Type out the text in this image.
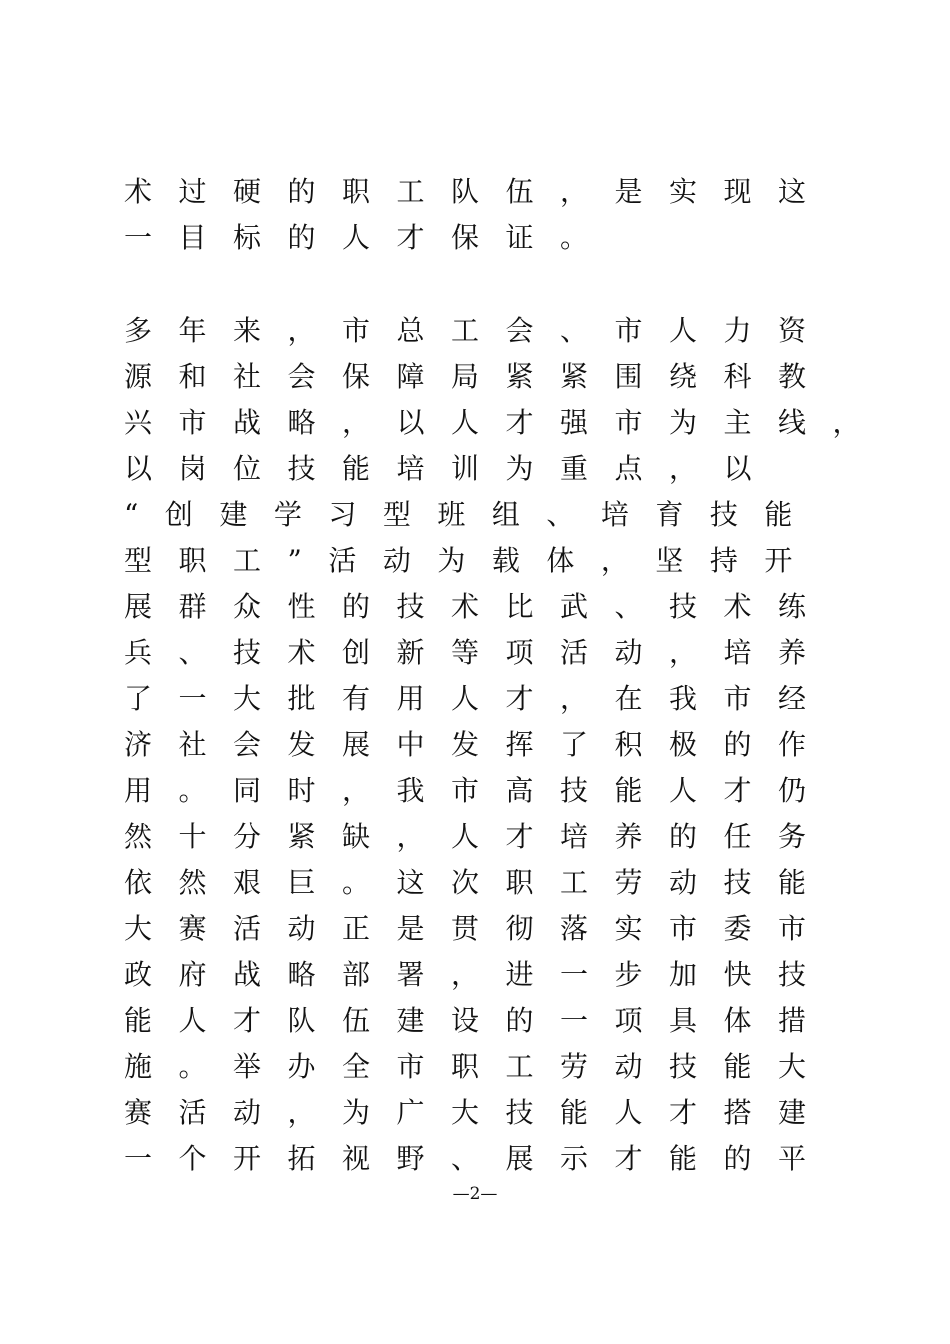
术过硬的职工队伍，是实现这
一目标的人才保证。
多年来，市总工会、市人力资
源和社会保障局紧紧围绕科教
兴市战略，以人才强市为主线，
以岗位技能培训为重点，以
“创建学习型班组、培育技能
型职工”活动为载体，坚持开
展群众性的技术比武、技术练
兵、技术创新等项活动，培养
了一大批有用人才，在我市经
济社会发展中发挥了积极的作
用。同时，我市高技能人才仍
然十分紧缺，人才培养的任务
依然艰巨。这次职工劳动技能
大赛活动正是贯彻落实市委市
政府战略部署，进一步加快技
能人才队伍建设的一项具体措
施。举办全市职工劳动技能大
赛活动，为广大技能人才搭建
一个开拓视野、展示才能的平
—2—
